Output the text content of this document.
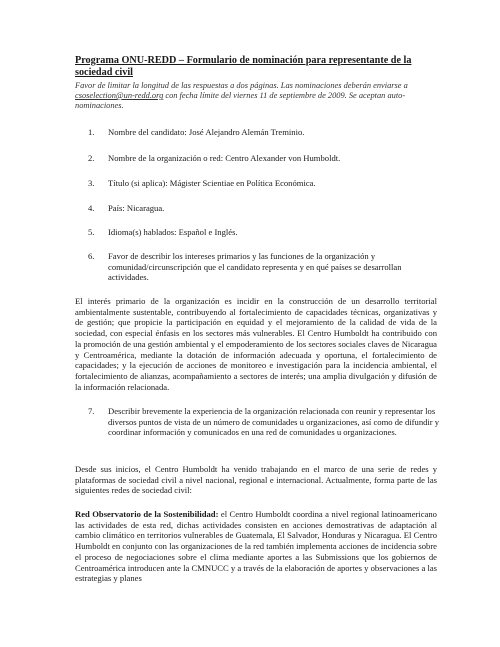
Programa ONU-REDD – Formulario de nominación para representante de la sociedad civil

Favor de limitar la longitud de las respuestas a dos páginas. Las nominaciones deberán enviarse a csoselection@un-redd.org con fecha límite del viernes 11 de septiembre de 2009. Se aceptan auto-nominaciones.

1.	Nombre del candidato: José Alejandro Alemán Treminio.
2.	Nombre de la organización o red: Centro Alexander von Humboldt.
3.	Título (si aplica): Mágister Scientiae en Política Económica.
4.	País: Nicaragua.
5.	Idioma(s) hablados: Español e Inglés.
6.	Favor de describir los intereses primarios y las funciones de la organización y comunidad/circunscripción que el candidato representa y en qué países se desarrollan actividades.

El interés primario de la organización es incidir en la construcción de un desarrollo territorial ambientalmente sustentable, contribuyendo al fortalecimiento de capacidades técnicas, organizativas y de gestión; que propicie la participación en equidad y el mejoramiento de la calidad de vida de la sociedad, con especial énfasis en los sectores más vulnerables. El Centro Humboldt ha contribuido con la promoción de una gestión ambiental y el empoderamiento de los sectores sociales claves de Nicaragua y Centroamérica, mediante la dotación de información adecuada y oportuna, el fortalecimiento de capacidades; y la ejecución de acciones de monitoreo e investigación para la incidencia ambiental, el fortalecimiento de alianzas, acompañamiento a sectores de interés; una amplia divulgación y difusión de la información relacionada.

7.	Describir brevemente la experiencia de la organización relacionada con reunir y representar los diversos puntos de vista de un número de comunidades u organizaciones, así como de difundir y coordinar información y comunicados en una red de comunidades u organizaciones.

Desde sus inicios, el Centro Humboldt ha venido trabajando en el marco de una serie de redes y plataformas de sociedad civil a nivel nacional, regional e internacional. Actualmente, forma parte de las siguientes redes de sociedad civil:

Red Observatorio de la Sostenibilidad: el Centro Humboldt coordina a nivel regional latinoamericano las actividades de esta red, dichas actividades consisten en acciones demostrativas de adaptación al cambio climático en territorios vulnerables de Guatemala, El Salvador, Honduras y Nicaragua. El Centro Humboldt en conjunto con las organizaciones de la red también implementa acciones de incidencia sobre el proceso de negociaciones sobre el clima mediante aportes a las Submissions que los gobiernos de Centroamérica introducen ante la CMNUCC y a través de la elaboración de aportes y observaciones a las estrategias y planes
